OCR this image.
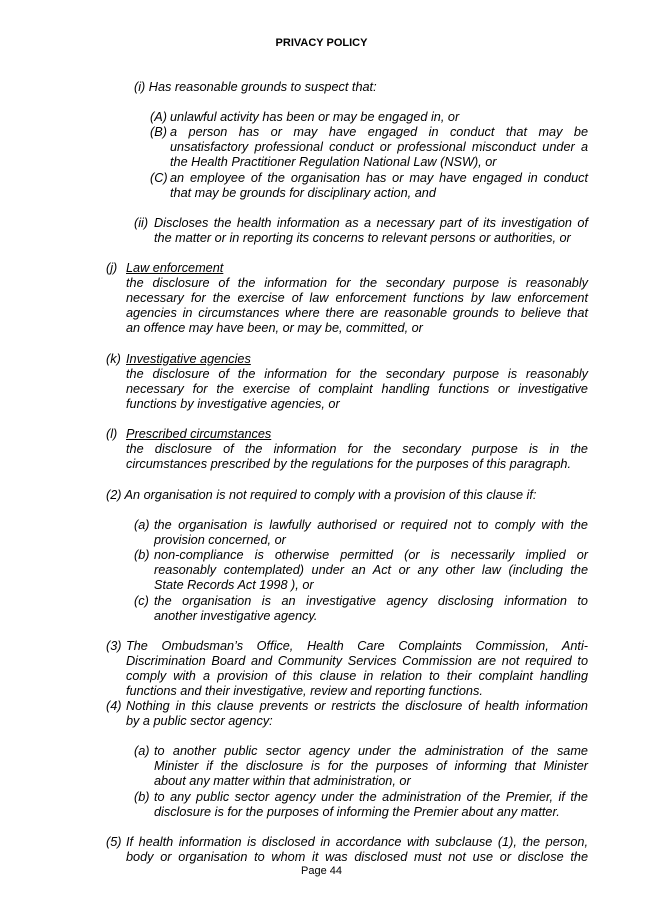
PRIVACY POLICY
(i) Has reasonable grounds to suspect that:
(A) unlawful activity has been or may be engaged in, or
(B) a person has or may have engaged in conduct that may be
unsatisfactory professional conduct or professional misconduct under a
the Health Practitioner Regulation National Law (NSW), or
(C) an employee of the organisation has or may have engaged in conduct
that may be grounds for disciplinary action, and
(ii) Discloses the health information as a necessary part of its investigation of
the matter or in reporting its concerns to relevant persons or authorities, or
(j) Law enforcement
the disclosure of the information for the secondary purpose is reasonably
necessary for the exercise of law enforcement functions by law enforcement
agencies in circumstances where there are reasonable grounds to believe that
an offence may have been, or may be, committed, or
(k) Investigative agencies
the disclosure of the information for the secondary purpose is reasonably
necessary for the exercise of complaint handling functions or investigative
functions by investigative agencies, or
(l) Prescribed circumstances
the disclosure of the information for the secondary purpose is in the
circumstances prescribed by the regulations for the purposes of this paragraph.
(2) An organisation is not required to comply with a provision of this clause if:
(a) the organisation is lawfully authorised or required not to comply with the
provision concerned, or
(b) non-compliance is otherwise permitted (or is necessarily implied or
reasonably contemplated) under an Act or any other law (including the
State Records Act 1998 ), or
(c) the organisation is an investigative agency disclosing information to
another investigative agency.
(3) The Ombudsman’s Office, Health Care Complaints Commission, Anti-
Discrimination Board and Community Services Commission are not required to
comply with a provision of this clause in relation to their complaint handling
functions and their investigative, review and reporting functions.
(4) Nothing in this clause prevents or restricts the disclosure of health information
by a public sector agency:
(a) to another public sector agency under the administration of the same
Minister if the disclosure is for the purposes of informing that Minister
about any matter within that administration, or
(b) to any public sector agency under the administration of the Premier, if the
disclosure is for the purposes of informing the Premier about any matter.
(5) If health information is disclosed in accordance with subclause (1), the person,
body or organisation to whom it was disclosed must not use or disclose the
Page 44
